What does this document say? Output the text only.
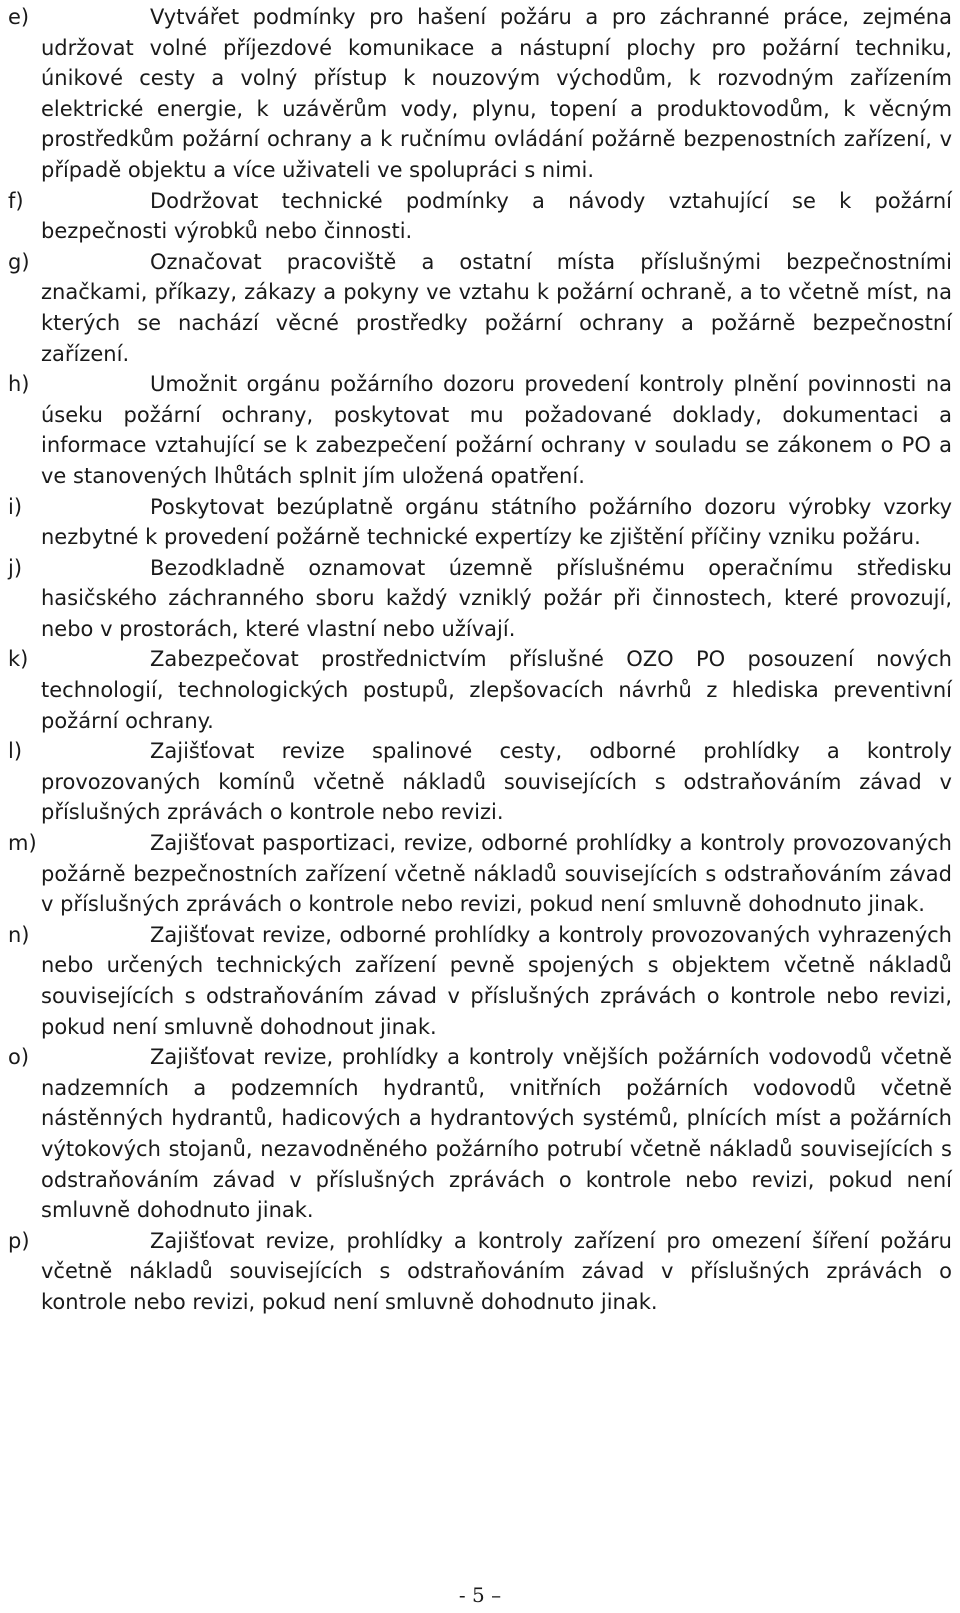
e)	Vytvářet podmínky pro hašení požáru a pro záchranné práce, zejména udržovat volné příjezdové komunikace a nástupní plochy pro požární techniku, únikové cesty a volný přístup k nouzovým východům, k rozvodným zařízením elektrické energie, k uzávěrům vody, plynu, topení a produktovodům, k věcným prostředkům požární ochrany a k ručnímu ovládání požárně bezpenostních zařízení, v případě objektu a více uživateli ve spolupráci s nimi.

f)	Dodržovat technické podmínky a návody vztahující se k požární bezpečnosti výrobků nebo činnosti.

g)	Označovat pracoviště a ostatní místa příslušnými bezpečnostními značkami, příkazy, zákazy a pokyny ve vztahu k požární ochraně, a to včetně míst, na kterých se nachází věcné prostředky požární ochrany a požárně bezpečnostní zařízení.

h)	Umožnit orgánu požárního dozoru provedení kontroly plnění povinnosti na úseku požární ochrany, poskytovat mu požadované doklady, dokumentaci a informace vztahující se k zabezpečení požární ochrany v souladu se zákonem o PO a ve stanovených lhůtách splnit jím uložená opatření.

i)	Poskytovat bezúplatně orgánu státního požárního dozoru výrobky vzorky nezbytné k provedení požárně technické expertízy ke zjištění příčiny vzniku požáru.

j)	Bezodkladně oznamovat územně příslušnému operačnímu středisku hasičského záchranného sboru každý vzniklý požár při činnostech, které provozují, nebo v prostorách, které vlastní nebo užívají.

k)	Zabezpečovat prostřednictvím příslušné OZO PO posouzení nových technologií, technologických postupů, zlepšovacích návrhů z hlediska preventivní požární ochrany.

l)	Zajišťovat revize spalinové cesty, odborné prohlídky a kontroly provozovaných komínů včetně nákladů souvisejících s odstraňováním závad v příslušných zprávách o kontrole nebo revizi.

m)	Zajišťovat pasportizaci, revize, odborné prohlídky a kontroly provozovaných požárně bezpečnostních zařízení včetně nákladů souvisejících s odstraňováním závad v příslušných zprávách o kontrole nebo revizi, pokud není smluvně dohodnuto jinak.

n)	Zajišťovat revize, odborné prohlídky a kontroly provozovaných vyhrazených nebo určených technických zařízení pevně spojených s objektem včetně nákladů souvisejících s odstraňováním závad v příslušných zprávách o kontrole nebo revizi, pokud není smluvně dohodnout jinak.

o)	Zajišťovat revize, prohlídky a kontroly vnějších požárních vodovodů včetně nadzemních a podzemních hydrantů, vnitřních požárních vodovodů včetně nástěnných hydrantů, hadicových a hydrantových systémů, plnících míst a požárních výtokových stojanů, nezavodněného požárního potrubí včetně nákladů souvisejících s odstraňováním závad v příslušných zprávách o kontrole nebo revizi, pokud není smluvně dohodnuto jinak.

p)	Zajišťovat revize, prohlídky a kontroly zařízení pro omezení šíření požáru včetně nákladů souvisejících s odstraňováním závad v příslušných zprávách o kontrole nebo revizi, pokud není smluvně dohodnuto jinak.

- 5 –
